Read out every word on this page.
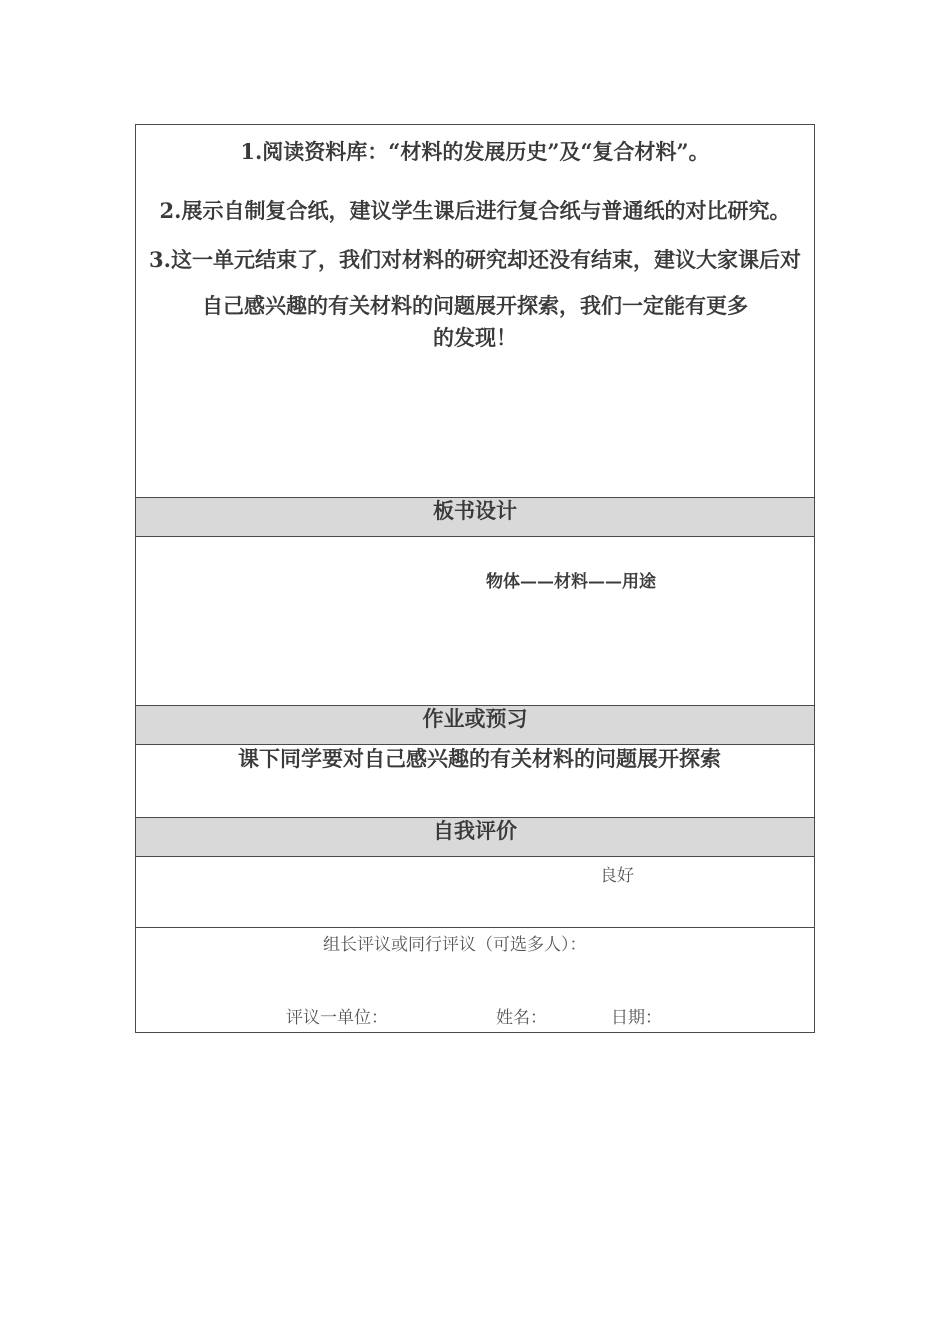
1.阅读资料库：“材料的发展历史”及“复合材料”。

2.展示自制复合纸，建议学生课后进行复合纸与普通纸的对比研究。

3.这一单元结束了，我们对材料的研究却还没有结束，建议大家课后对自己感兴趣的有关材料的问题展开探索，我们一定能有更多
的发现！

板书设计

物体——材料——用途

作业或预习

课下同学要对自己感兴趣的有关材料的问题展开探索

自我评价

良好

组长评议或同行评议（可选多人）：
评议一单位：	姓名：	日期：
